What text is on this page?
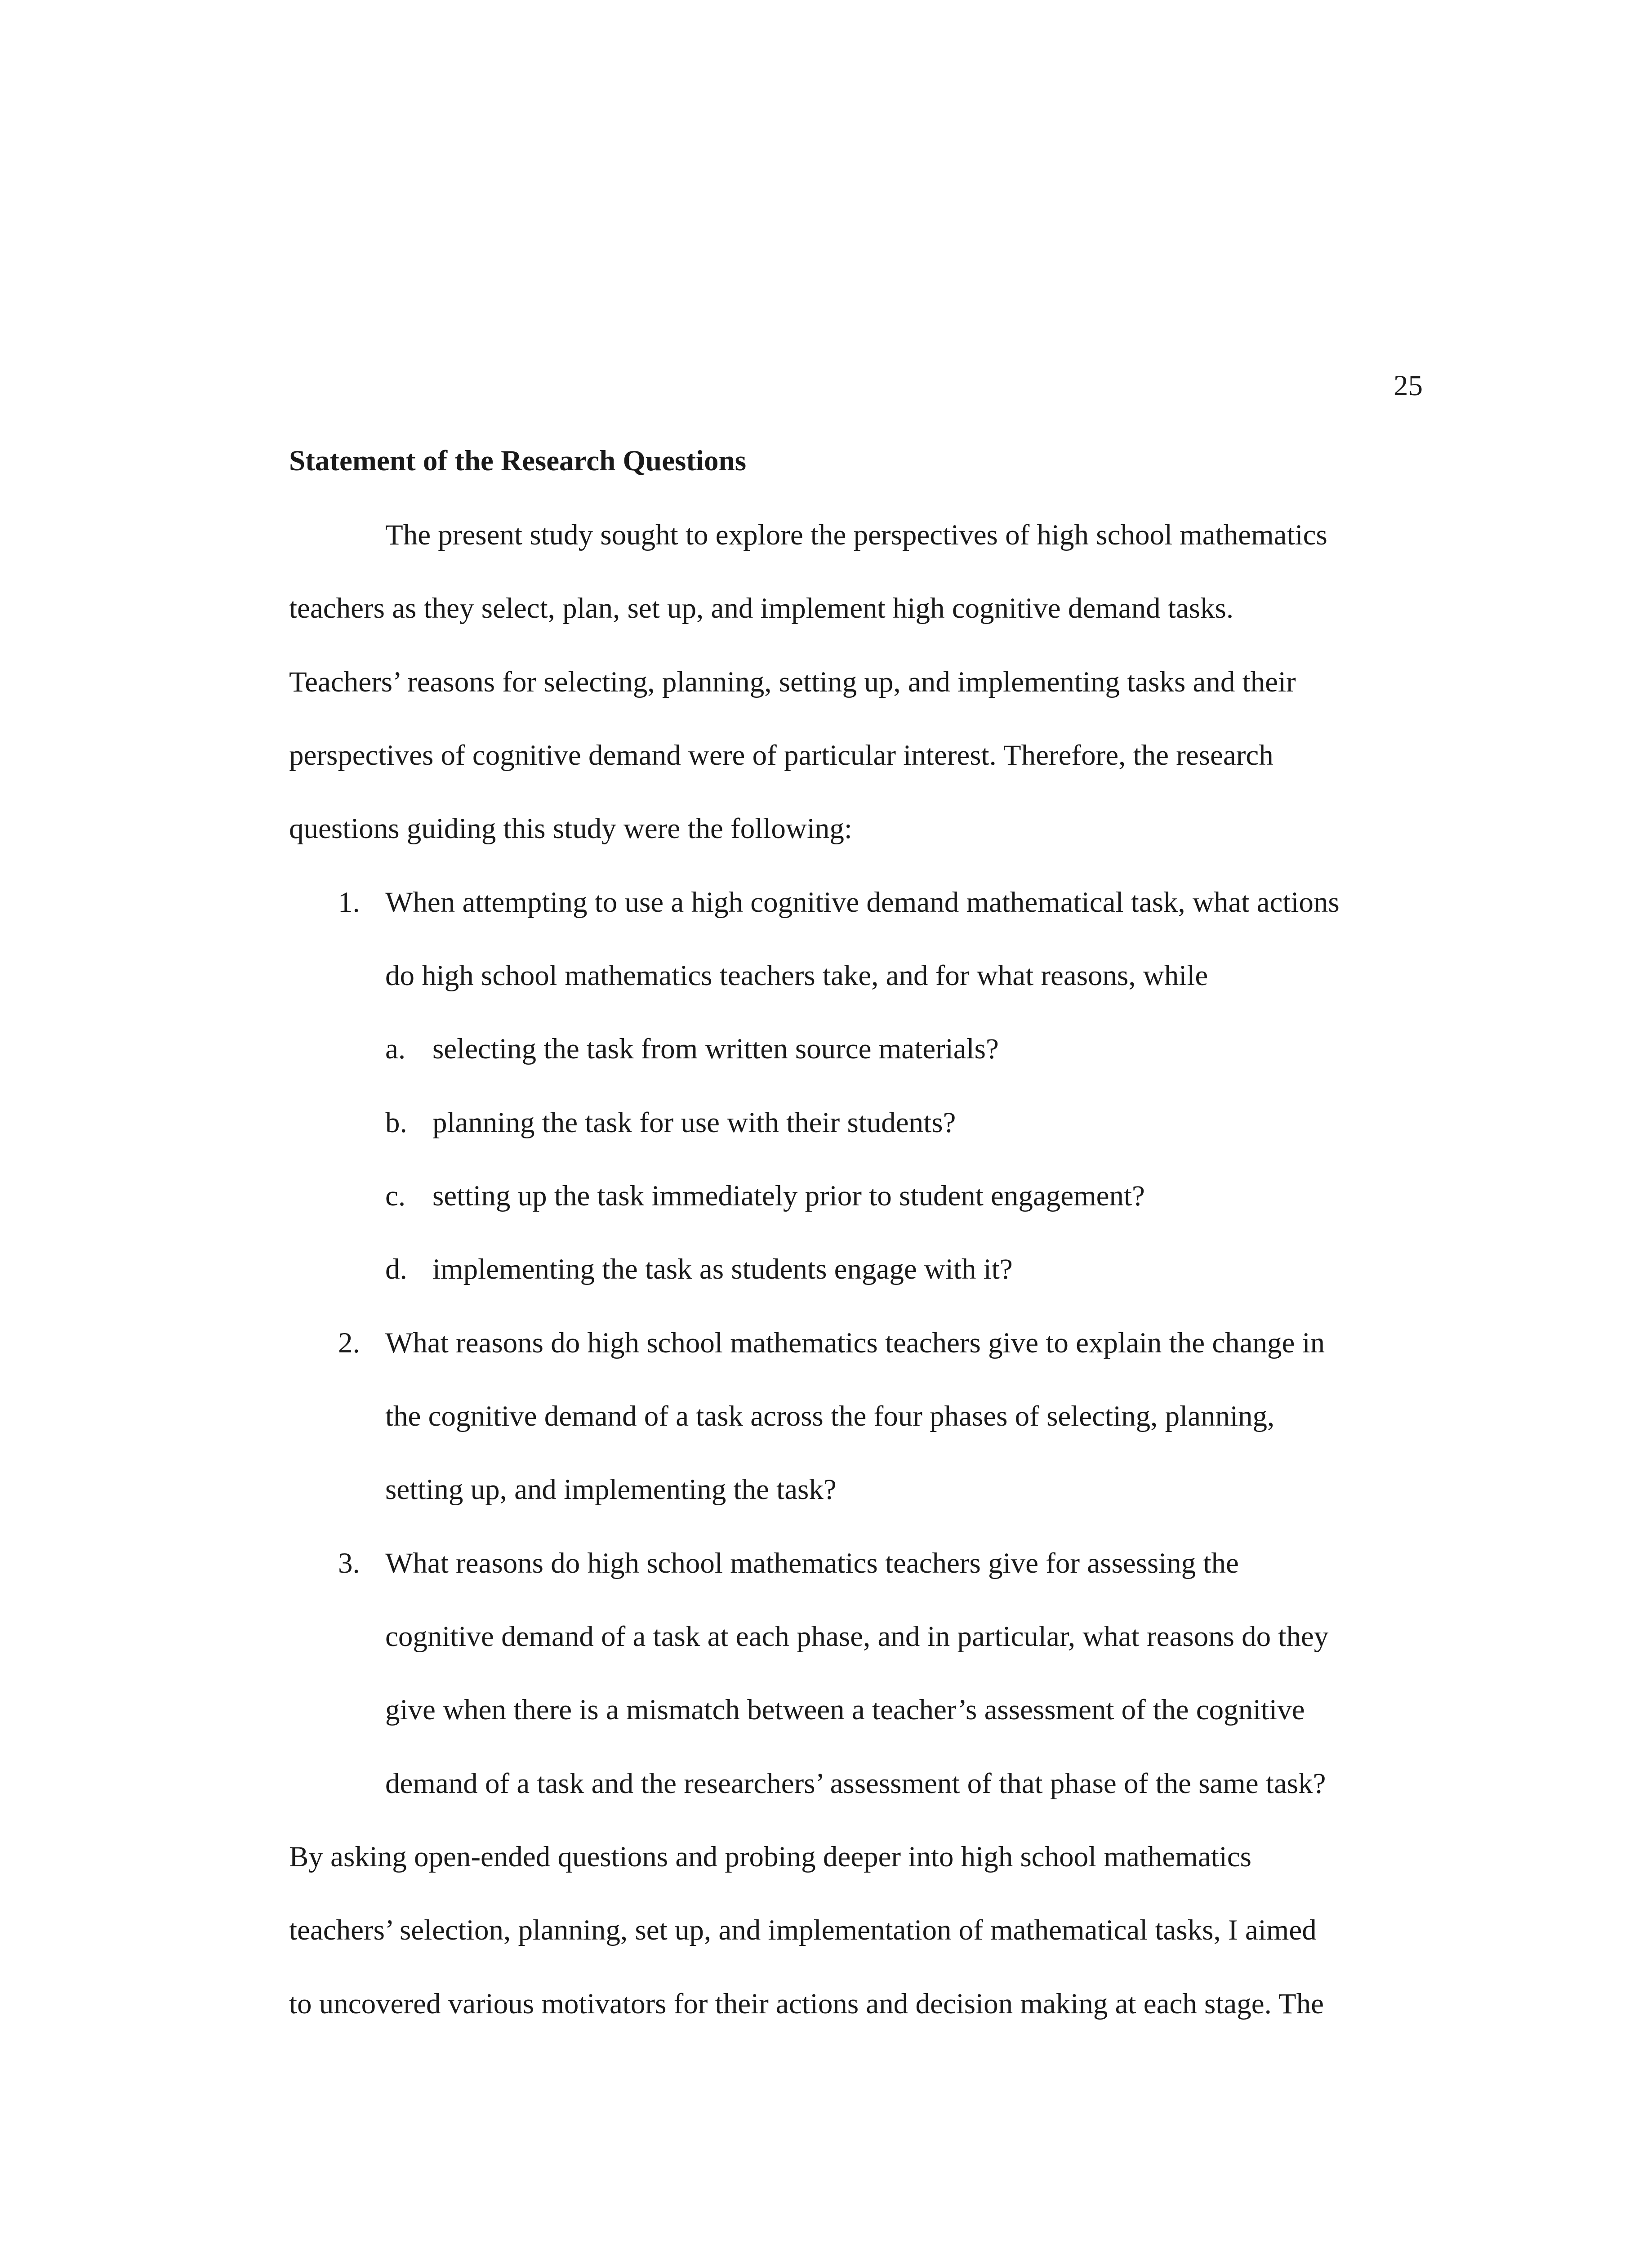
25

Statement of the Research Questions

The present study sought to explore the perspectives of high school mathematics

teachers as they select, plan, set up, and implement high cognitive demand tasks.

Teachers’ reasons for selecting, planning, setting up, and implementing tasks and their

perspectives of cognitive demand were of particular interest. Therefore, the research

questions guiding this study were the following:

1. When attempting to use a high cognitive demand mathematical task, what actions

do high school mathematics teachers take, and for what reasons, while

a. selecting the task from written source materials?

b. planning the task for use with their students?

c. setting up the task immediately prior to student engagement?

d. implementing the task as students engage with it?

2. What reasons do high school mathematics teachers give to explain the change in

the cognitive demand of a task across the four phases of selecting, planning,

setting up, and implementing the task?

3. What reasons do high school mathematics teachers give for assessing the

cognitive demand of a task at each phase, and in particular, what reasons do they

give when there is a mismatch between a teacher’s assessment of the cognitive

demand of a task and the researchers’ assessment of that phase of the same task?

By asking open-ended questions and probing deeper into high school mathematics

teachers’ selection, planning, set up, and implementation of mathematical tasks, I aimed

to uncovered various motivators for their actions and decision making at each stage. The
